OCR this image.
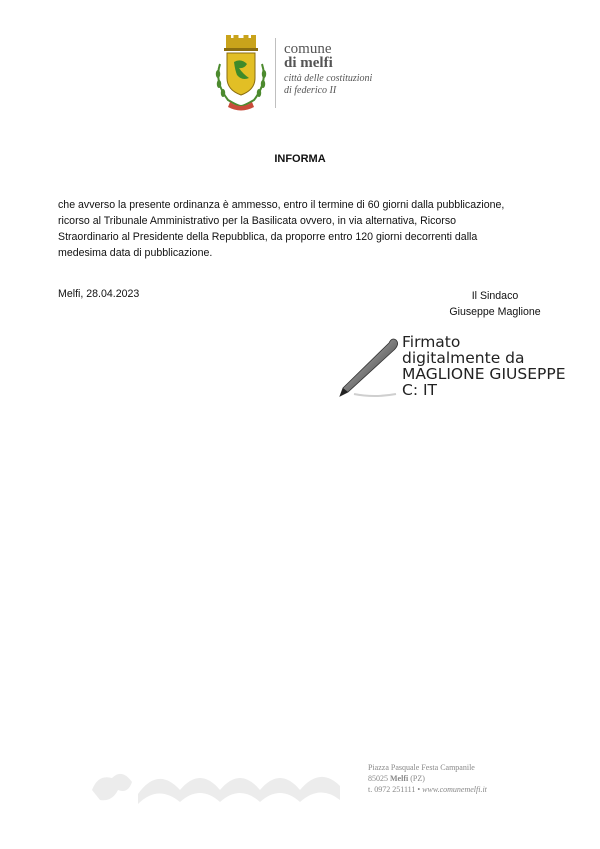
comune
di melfi
città delle costituzioni
di federico II
INFORMA

che avverso la presente ordinanza è ammesso, entro il termine di 60 giorni dalla pubblicazione,

ricorso al Tribunale Amministrativo per la Basilicata ovvero, in via alternativa, Ricorso

Straordinario al Presidente della Repubblica, da proporre entro 120 giorni decorrenti dalla

medesima data di pubblicazione.

Melfi, 28.04.2023	Il Sindaco
Giuseppe Maglione
Firmato
digitalmente da
MAGLIONE GIUSEPPE
C: IT
Piazza Pasquale Festa Campanile
85025 Melfi (PZ)
t. 0972 251111 • www.comunemelfi.it
